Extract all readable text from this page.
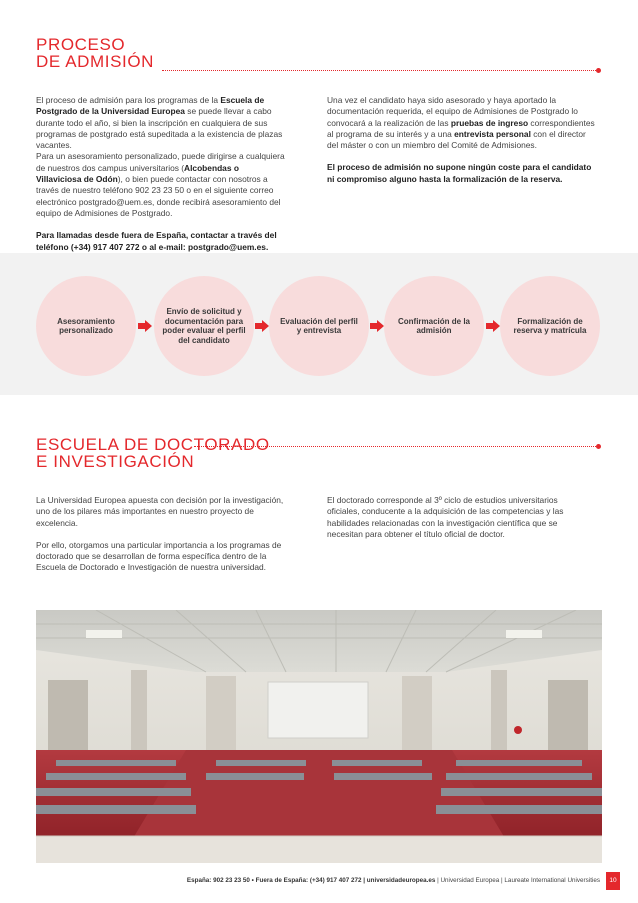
PROCESO
DE ADMISIÓN

El proceso de admisión para los programas de la Escuela de Postgrado de la Universidad Europea se puede llevar a cabo durante todo el año, si bien la inscripción en cualquiera de sus programas de postgrado está supeditada a la existencia de plazas vacantes.
Para un asesoramiento personalizado, puede dirigirse a cualquiera de nuestros dos campus universitarios (Alcobendas o Villaviciosa de Odón), o bien puede contactar con nosotros a través de nuestro teléfono 902 23 23 50 o en el siguiente correo electrónico postgrado@uem.es, donde recibirá asesoramiento del equipo de Admisiones de Postgrado.

Para llamadas desde fuera de España, contactar a través del teléfono (+34) 917 407 272 o al e-mail: postgrado@uem.es.

Una vez el candidato haya sido asesorado y haya aportado la documentación requerida, el equipo de Admisiones de Postgrado lo convocará a la realización de las pruebas de ingreso correspondientes al programa de su interés y a una entrevista personal con el director del máster o con un miembro del Comité de Admisiones.

El proceso de admisión no supone ningún coste para el candidato ni compromiso alguno hasta la formalización de la reserva.

Asesoramiento personalizado
Envío de solicitud y documentación para poder evaluar el perfil del candidato
Evaluación del perfil y entrevista
Confirmación de la admisión
Formalización de reserva y matrícula
ESCUELA DE DOCTORADO
E INVESTIGACIÓN

La Universidad Europea apuesta con decisión por la investigación, uno de los pilares más importantes en nuestro proyecto de excelencia.

Por ello, otorgamos una particular importancia a los programas de doctorado que se desarrollan de forma específica dentro de la Escuela de Doctorado e Investigación de nuestra universidad.

El doctorado corresponde al 3º ciclo de estudios universitarios oficiales, conducente a la adquisición de las competencias y las habilidades relacionadas con la investigación científica que se necesitan para obtener el título oficial de doctor.

España: 902 23 23 50 • Fuera de España: (+34) 917 407 272 | universidadeuropea.es | Universidad Europea | Laureate International Universities	10
